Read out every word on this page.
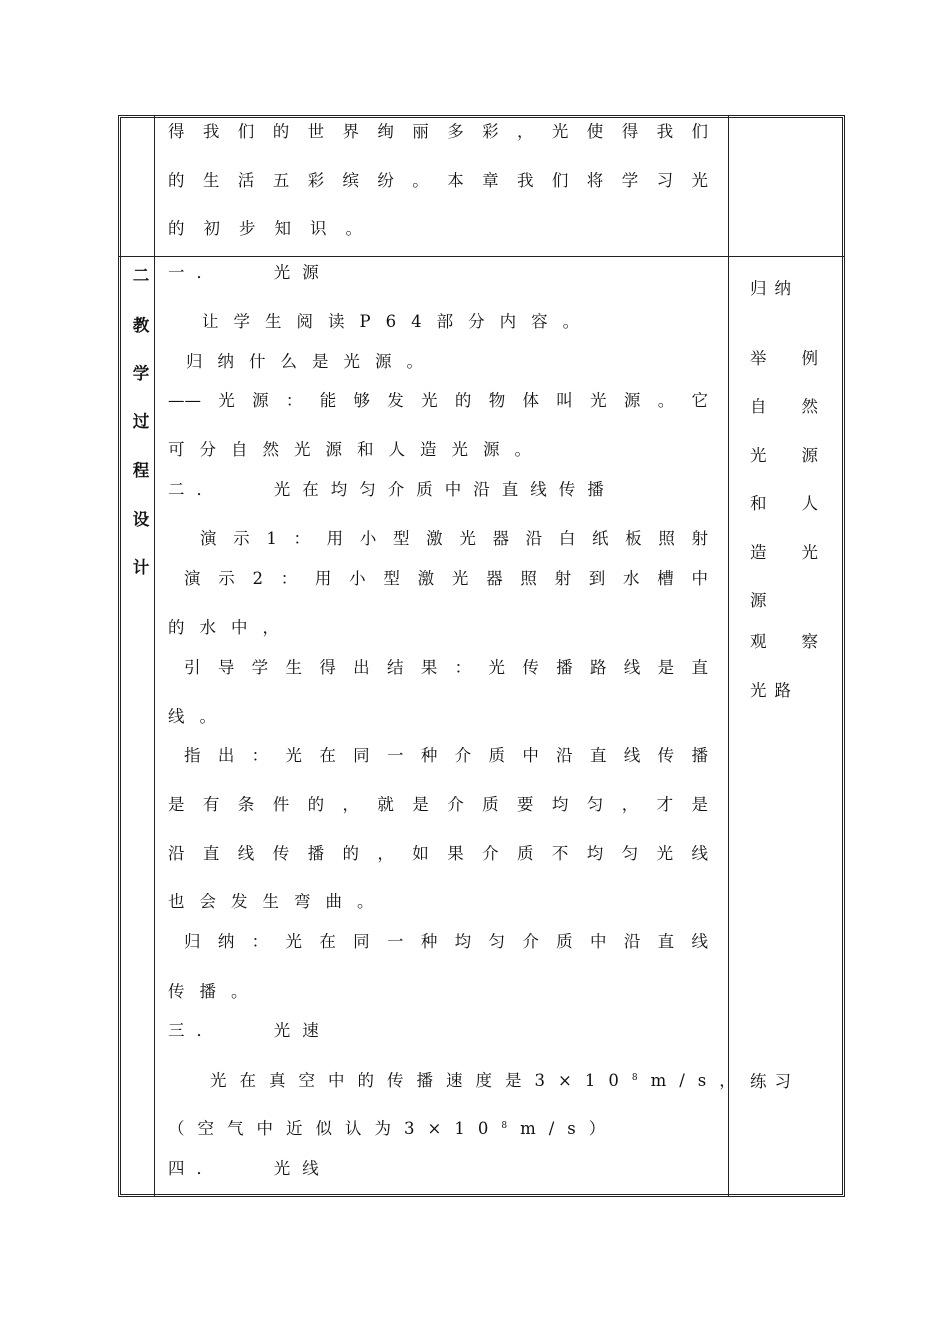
得我们的世界绚丽多彩，光使得我们
的生活五彩缤纷。本章我们将学习光
的初步知识。
二
教
学
过
程
设
计
一．　　光源
让学生阅读P64部分内容。
归纳什么是光源。
——光源：能够发光的物体叫光源。它
可分自然光源和人造光源。
二．　　光在均匀介质中沿直线传播
演示1：用小型激光器沿白纸板照射
演示2：用小型激光器照射到水槽中
的水中，
引导学生得出结果：光传播路线是直
线。
指出：光在同一种介质中沿直线传播
是有条件的，就是介质要均匀，才是
沿直线传播的，如果介质不均匀光线
也会发生弯曲。
归纳：光在同一种均匀介质中沿直线
传播。
三．　　光速
光在真空中的传播速度是$3\times 10^8m/s$，
（空气中近似认为$3\times 10^8m/s$）
四．　　光线
归纳
举　例
自　然
光　源
和　人
造　光
源
观　察
光路
练习
